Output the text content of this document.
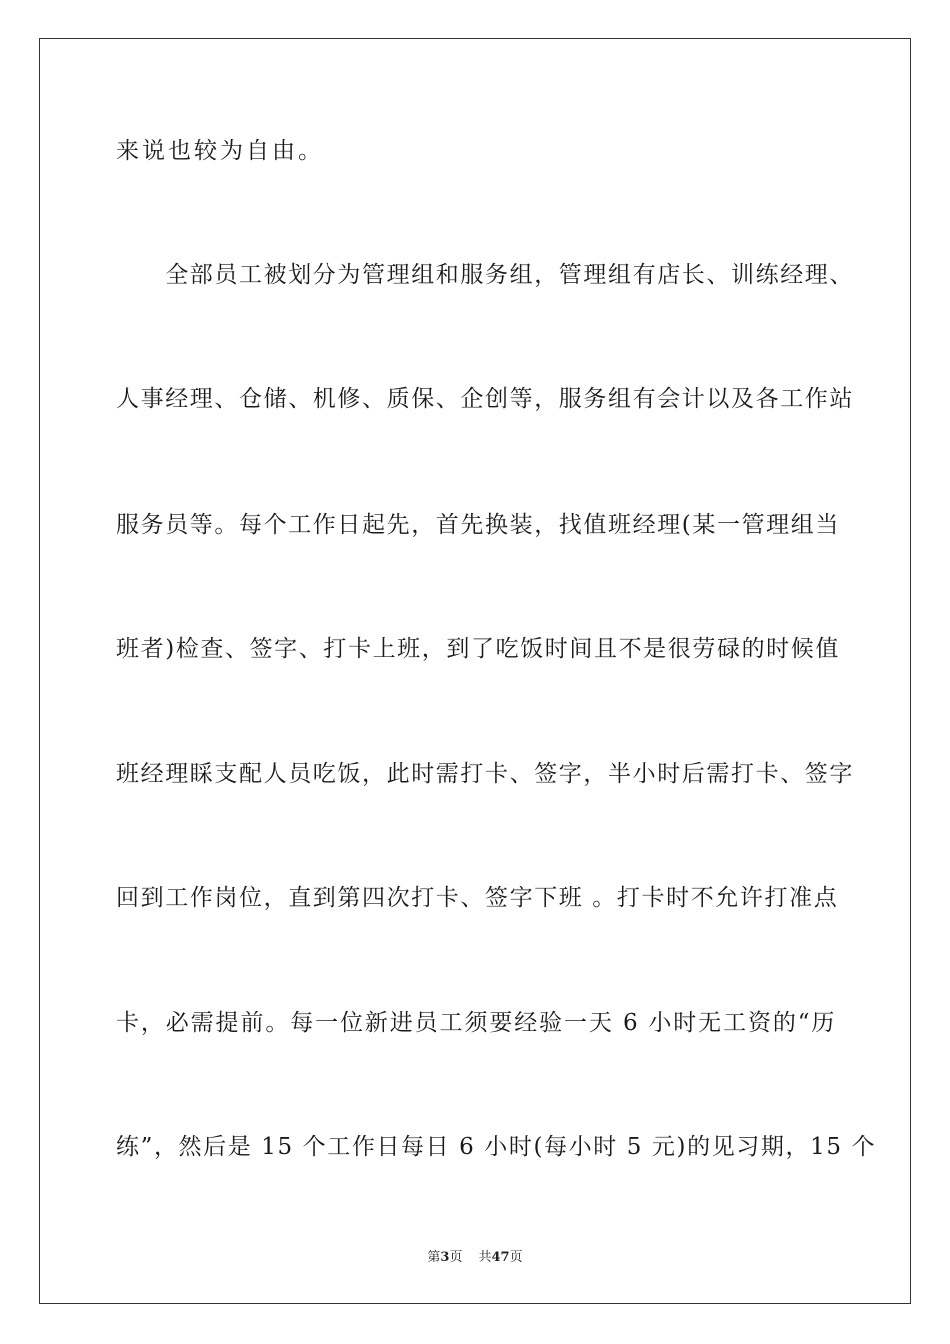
来说也较为自由。
　　全部员工被划分为管理组和服务组，管理组有店长、训练经理、
人事经理、仓储、机修、质保、企创等，服务组有会计以及各工作站
服务员等。每个工作日起先，首先换装，找值班经理(某一管理组当
班者)检查、签字、打卡上班，到了吃饭时间且不是很劳碌的时候值
班经理睬支配人员吃饭，此时需打卡、签字，半小时后需打卡、签字
回到工作岗位，直到第四次打卡、签字下班 。打卡时不允许打准点
卡，必需提前。每一位新进员工须要经验一天 6 小时无工资的“历
练”，然后是 15 个工作日每日 6 小时(每小时 5 元)的见习期，15 个
第3页 共47页
